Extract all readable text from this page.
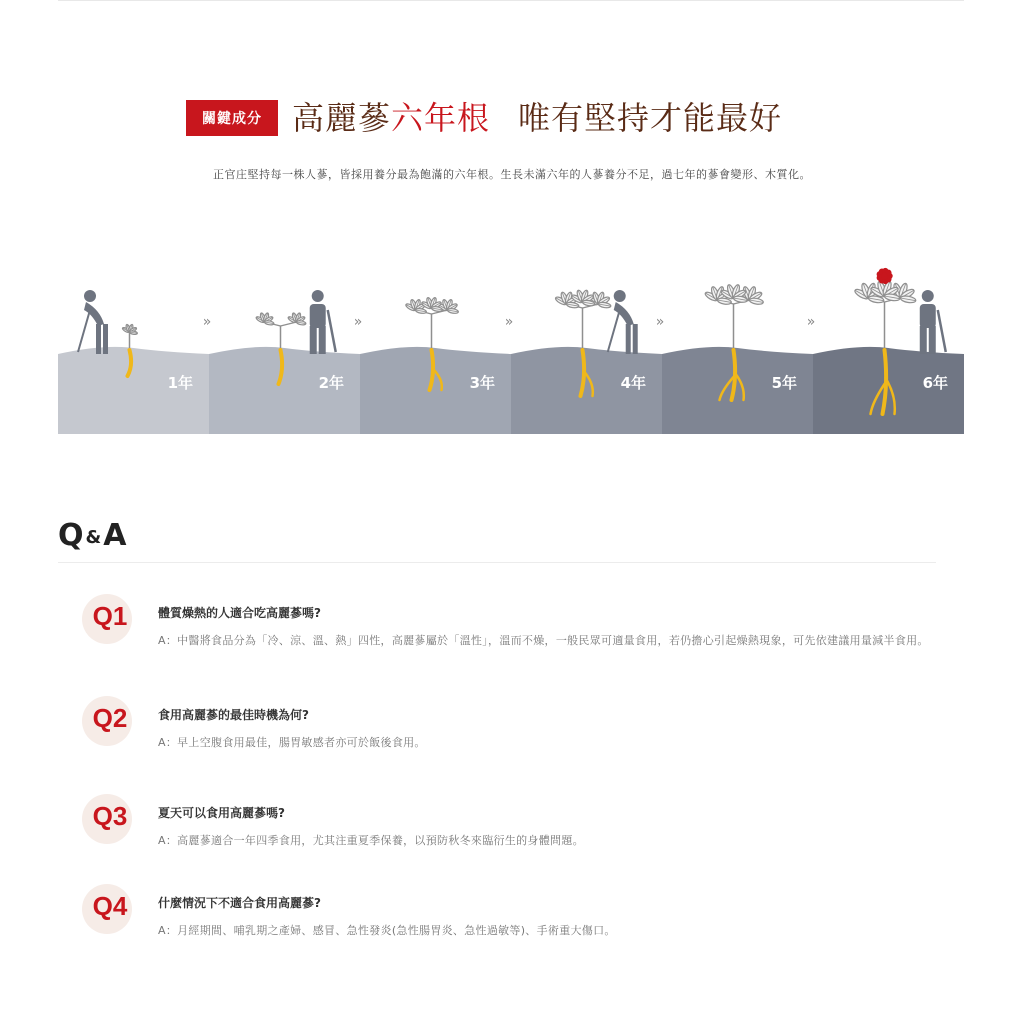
關鍵成分 高麗蔘六年根 唯有堅持才能最好
正官庄堅持每一株人蔘，皆採用養分最為飽滿的六年根。生長未滿六年的人蔘養分不足，過七年的蔘會變形、木質化。
1年
»
2年
»
3年
»
4年
»
5年
»
6年
Q &A
Q1	體質燥熱的人適合吃高麗蔘嗎?
A：中醫將食品分為「冷、涼、溫、熱」四性，高麗蔘屬於「溫性」，溫而不燥，一般民眾可適量食用，若仍擔心引起燥熱現象，可先依建議用量減半食用。
Q2	食用高麗蔘的最佳時機為何?
A：早上空腹食用最佳，腸胃敏感者亦可於飯後食用。
Q3	夏天可以食用高麗蔘嗎?
A：高麗蔘適合一年四季食用，尤其注重夏季保養，以預防秋冬來臨衍生的身體問題。
Q4	什麼情況下不適合食用高麗蔘?
A：月經期間、哺乳期之產婦、感冒、急性發炎(急性腸胃炎、急性過敏等)、手術重大傷口。
